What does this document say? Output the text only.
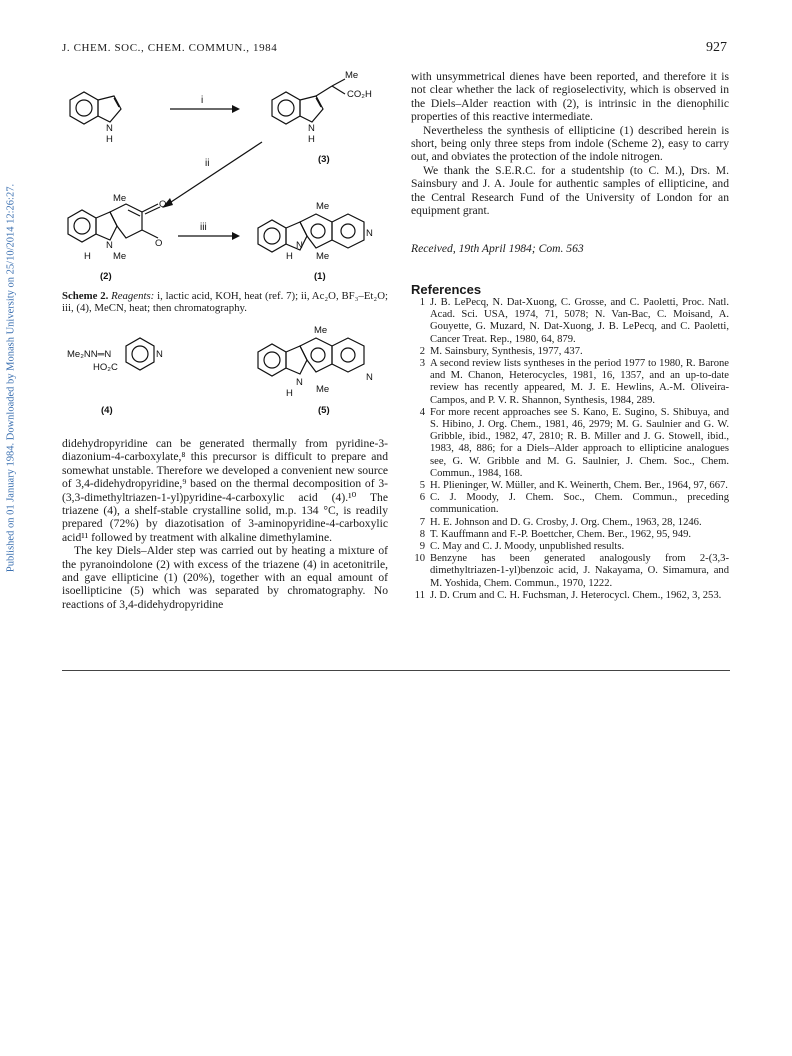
Published on 01 January 1984. Downloaded by Monash University on 25/10/2014 12:26:27.
J. CHEM. SOC., CHEM. COMMUN., 1984	927
N
H
i
Me
CO₂H
N
H
(3)
ii
Me
O
O
N
H Me
(2)
iii
Me
N
N
H Me
(1)
Me₂NN═N	N
HO₂C
(4)
Me
N
N
H Me
(5)
Scheme 2. Reagents: i, lactic acid, KOH, heat (ref. 7); ii, Ac₂O, BF₃–Et₂O; iii, (4), MeCN, heat; then chromatography.

didehydropyridine can be generated thermally from pyridine-3-diazonium-4-carboxylate,⁸ this precursor is difficult to prepare and somewhat unstable. Therefore we developed a convenient new source of 3,4-didehydropyridine,⁹ based on the thermal decomposition of 3-(3,3-dimethyltriazen-1-yl)pyridine-4-carboxylic acid (4).¹⁰ The triazene (4), a shelf-stable crystalline solid, m.p. 134 °C, is readily prepared (72%) by diazotisation of 3-aminopyridine-4-carboxylic acid¹¹ followed by treatment with alkaline dimethylamine.

The key Diels–Alder step was carried out by heating a mixture of the pyranoindolone (2) with excess of the triazene (4) in acetonitrile, and gave ellipticine (1) (20%), together with an equal amount of isoellipticine (5) which was separated by chromatography. No reactions of 3,4-didehydropyridine

with unsymmetrical dienes have been reported, and therefore it is not clear whether the lack of regioselectivity, which is observed in the Diels–Alder reaction with (2), is intrinsic in the dienophilic properties of this reactive intermediate.

Nevertheless the synthesis of ellipticine (1) described herein is short, being only three steps from indole (Scheme 2), easy to carry out, and obviates the protection of the indole nitrogen.

We thank the S.E.R.C. for a studentship (to C. M.), Drs. M. Sainsbury and J. A. Joule for authentic samples of ellipticine, and the Central Research Fund of the University of London for an equipment grant.

Received, 19th April 1984; Com. 563
References
1 J. B. LePecq, N. Dat-Xuong, C. Grosse, and C. Paoletti, Proc. Natl. Acad. Sci. USA, 1974, 71, 5078; N. Van-Bac, C. Moisand, A. Gouyette, G. Muzard, N. Dat-Xuong, J. B. LePecq, and C. Paoletti, Cancer Treat. Rep., 1980, 64, 879.
2 M. Sainsbury, Synthesis, 1977, 437.
3 A second review lists syntheses in the period 1977 to 1980, R. Barone and M. Chanon, Heterocycles, 1981, 16, 1357, and an up-to-date review has recently appeared, M. J. E. Hewlins, A.-M. Oliveira-Campos, and P. V. R. Shannon, Synthesis, 1984, 289.
4 For more recent approaches see S. Kano, E. Sugino, S. Shibuya, and S. Hibino, J. Org. Chem., 1981, 46, 2979; M. G. Saulnier and G. W. Gribble, ibid., 1982, 47, 2810; R. B. Miller and J. G. Stowell, ibid., 1983, 48, 886; for a Diels–Alder approach to ellipticine analogues see, G. W. Gribble and M. G. Saulnier, J. Chem. Soc., Chem. Commun., 1984, 168.
5 H. Plieninger, W. Müller, and K. Weinerth, Chem. Ber., 1964, 97, 667.
6 C. J. Moody, J. Chem. Soc., Chem. Commun., preceding communication.
7 H. E. Johnson and D. G. Crosby, J. Org. Chem., 1963, 28, 1246.
8 T. Kauffmann and F.-P. Boettcher, Chem. Ber., 1962, 95, 949.
9 C. May and C. J. Moody, unpublished results.
10 Benzyne has been generated analogously from 2-(3,3-dimethyltriazen-1-yl)benzoic acid, J. Nakayama, O. Simamura, and M. Yoshida, Chem. Commun., 1970, 1222.
11 J. D. Crum and C. H. Fuchsman, J. Heterocycl. Chem., 1962, 3, 253.
